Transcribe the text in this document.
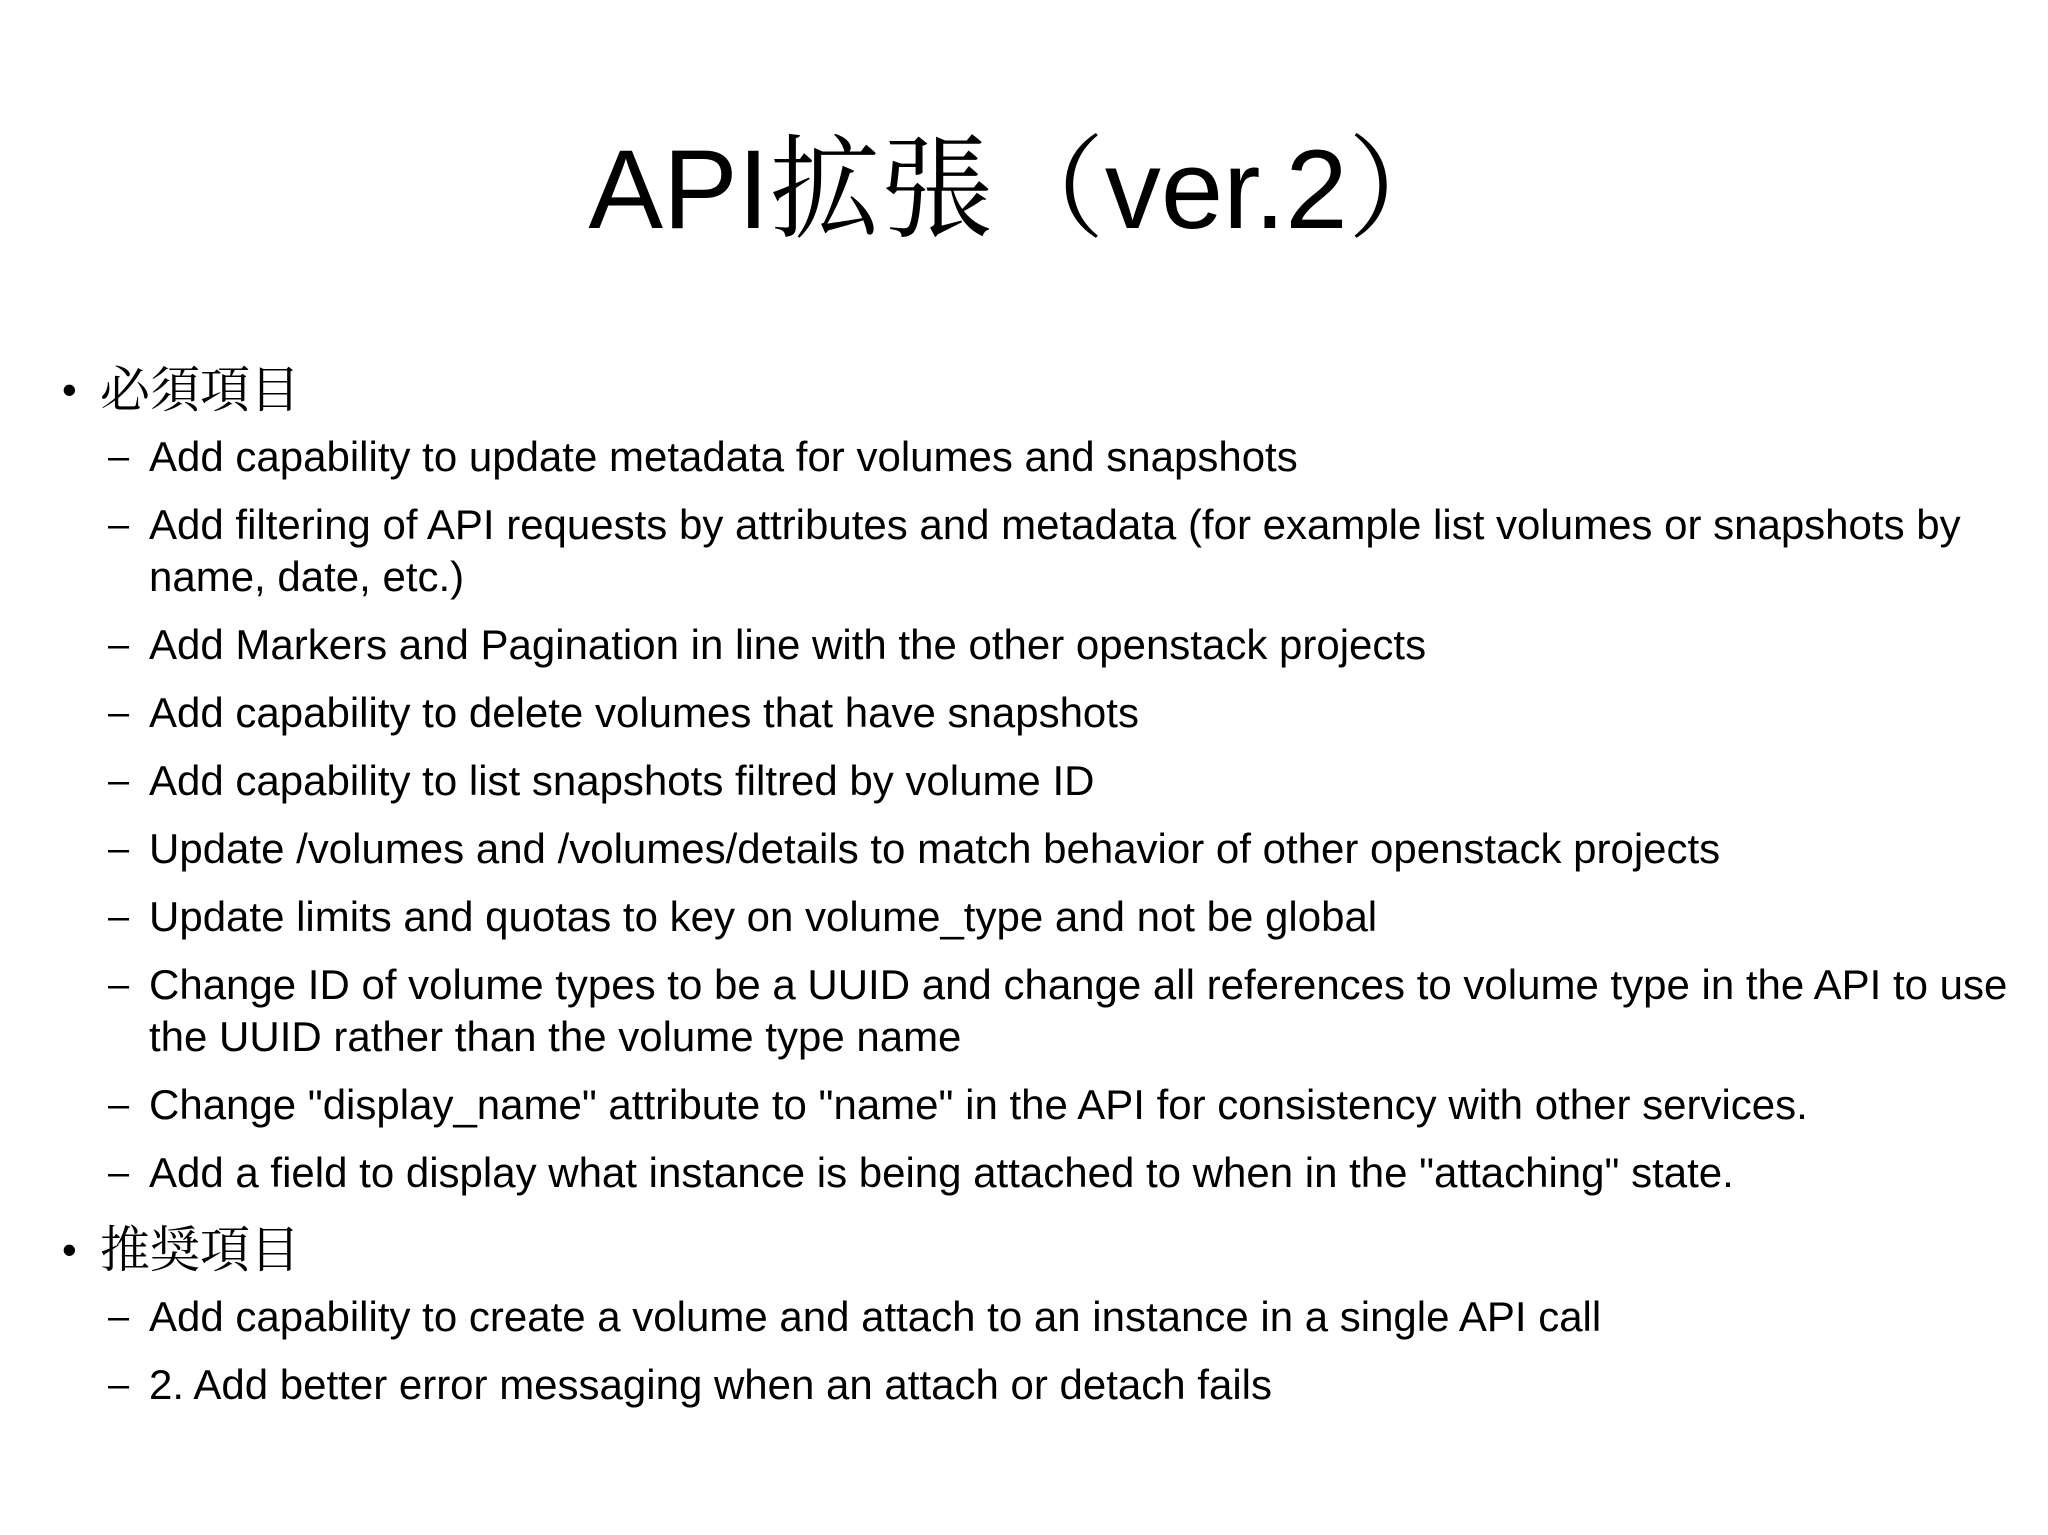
API拡張（ver.2）
• 必須項目
– Add capability to update metadata for volumes and snapshots
– Add filtering of API requests by attributes and metadata (for example list volumes or snapshots by name, date, etc.)
– Add Markers and Pagination in line with the other openstack projects
– Add capability to delete volumes that have snapshots
– Add capability to list snapshots filtred by volume ID
– Update /volumes and /volumes/details to match behavior of other openstack projects
– Update limits and quotas to key on volume_type and not be global
– Change ID of volume types to be a UUID and change all references to volume type in the API to use the UUID rather than the volume type name
– Change "display_name" attribute to "name" in the API for consistency with other services.
– Add a field to display what instance is being attached to when in the "attaching" state.
• 推奨項目
– Add capability to create a volume and attach to an instance in a single API call
– 2. Add better error messaging when an attach or detach fails
